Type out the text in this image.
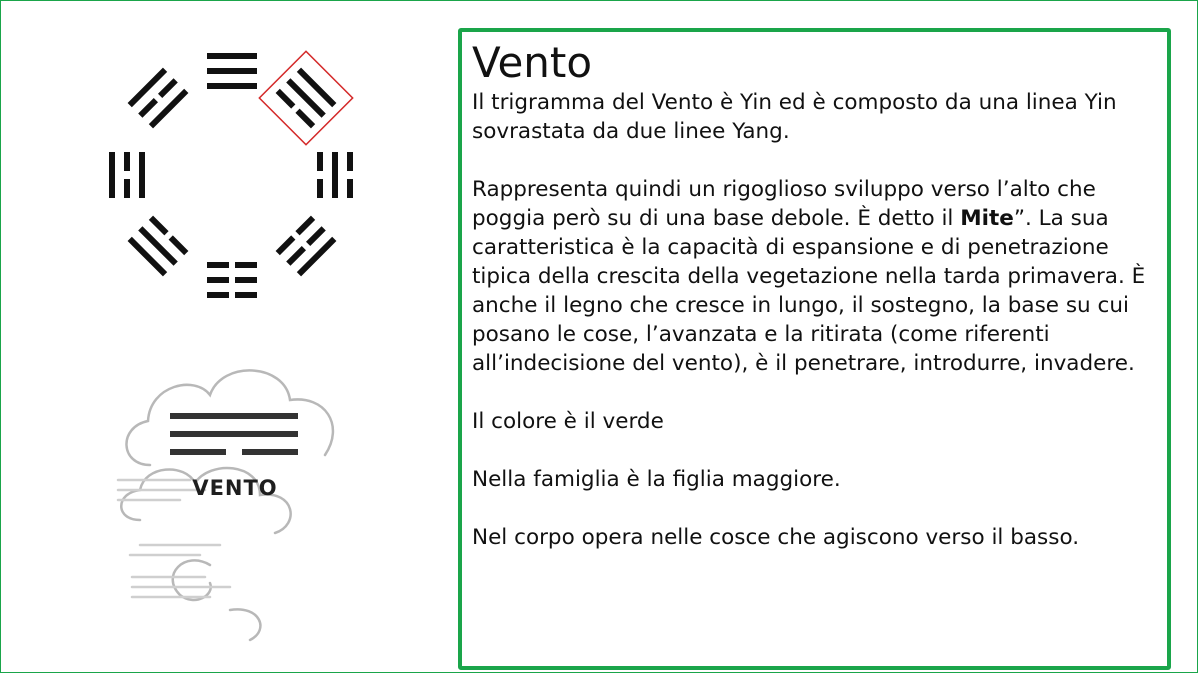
VENTO
Vento

Il trigramma del Vento è Yin ed è composto da una linea Yin sovrastata da due linee Yang.

Rappresenta quindi un rigoglioso sviluppo verso l’alto che poggia però su di una base debole. È detto il Mite”. La sua caratteristica è la capacità di espansione e di penetrazione tipica della crescita della vegetazione nella tarda primavera. È anche il legno che cresce in lungo, il sostegno, la base su cui posano le cose, l’avanzata e la ritirata (come riferenti all’indecisione del vento), è il penetrare, introdurre, invadere.

Il colore è il verde

Nella famiglia è la figlia maggiore.

Nel corpo opera nelle cosce che agiscono verso il basso.
